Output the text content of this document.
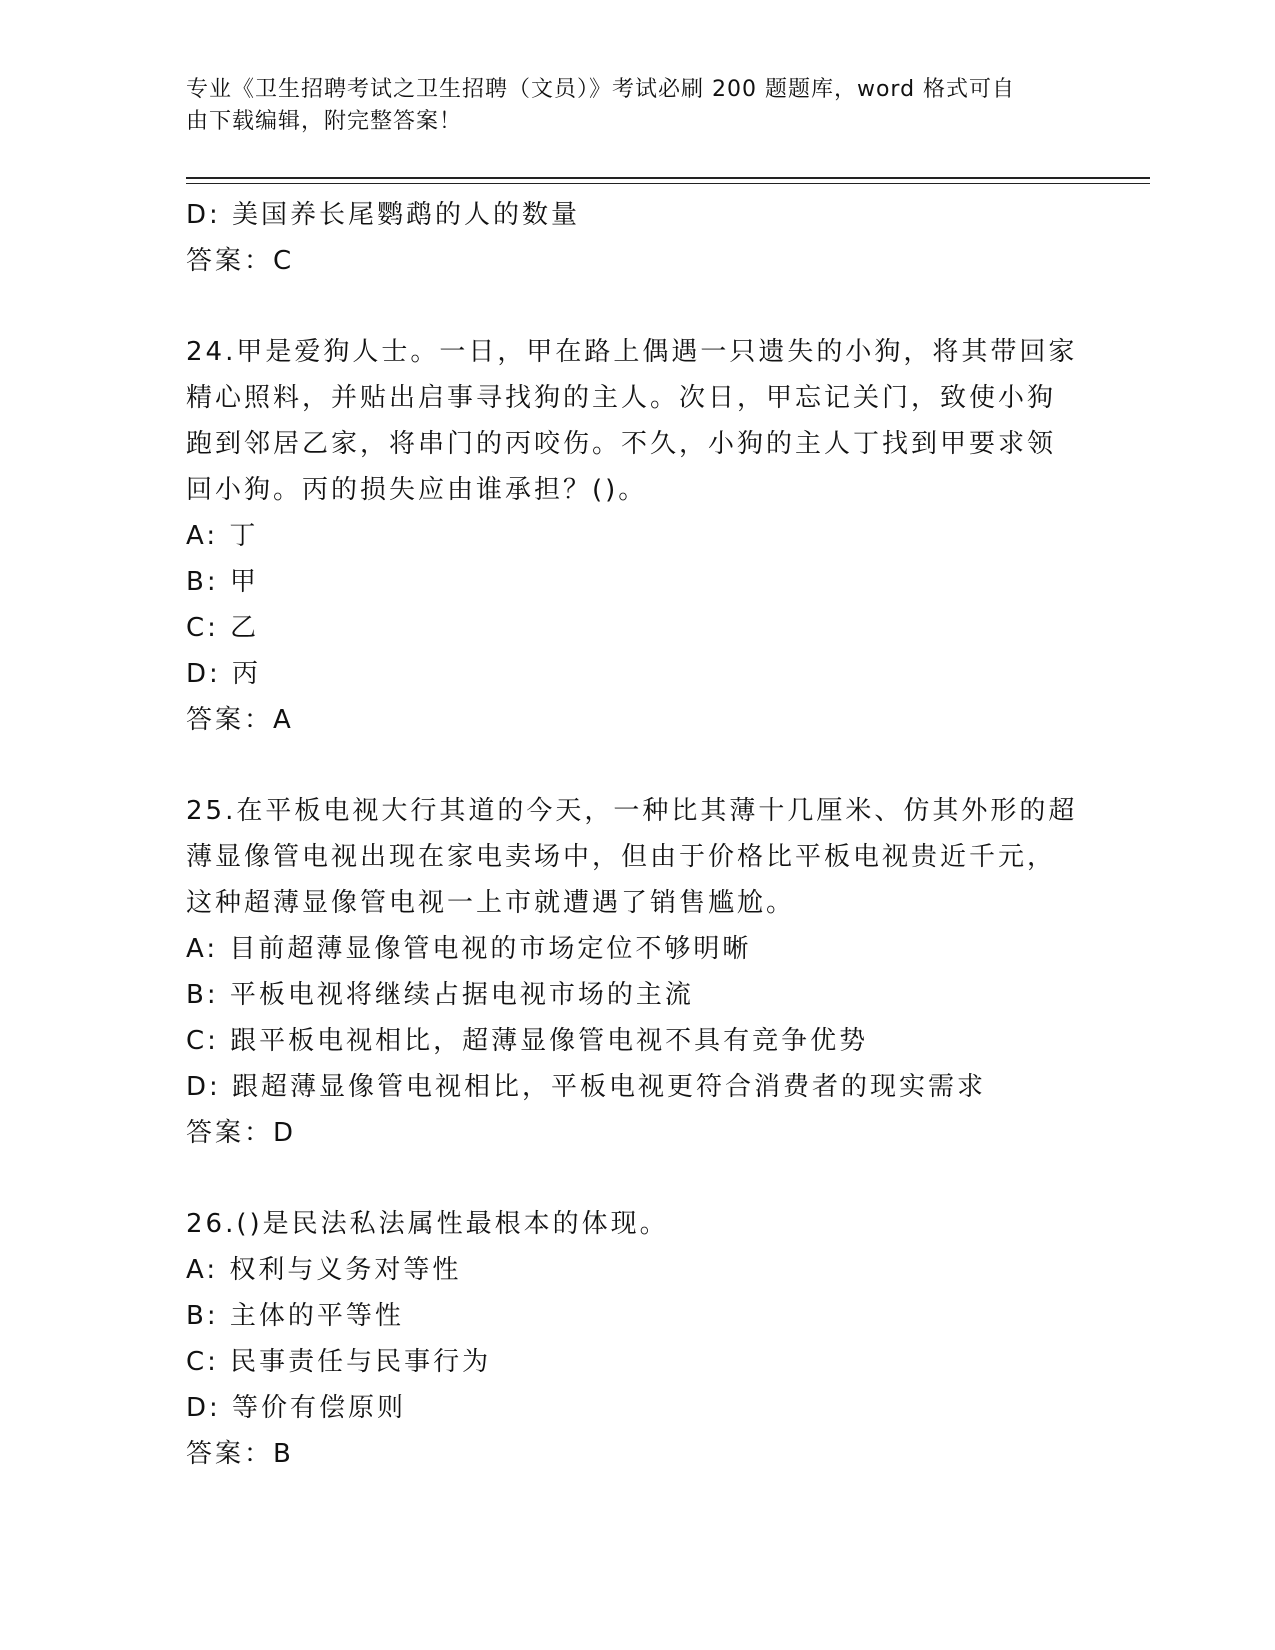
专业《卫生招聘考试之卫生招聘（文员）》考试必刷 200 题题库，word 格式可自
由下载编辑，附完整答案！
D: 美国养长尾鹦鹉的人的数量
答案：C
24.甲是爱狗人士。一日，甲在路上偶遇一只遗失的小狗，将其带回家
精心照料，并贴出启事寻找狗的主人。次日，甲忘记关门，致使小狗
跑到邻居乙家，将串门的丙咬伤。不久，小狗的主人丁找到甲要求领
回小狗。丙的损失应由谁承担？()。
A: 丁
B: 甲
C: 乙
D: 丙
答案：A
25.在平板电视大行其道的今天，一种比其薄十几厘米、仿其外形的超
薄显像管电视出现在家电卖场中，但由于价格比平板电视贵近千元，
这种超薄显像管电视一上市就遭遇了销售尴尬。
A: 目前超薄显像管电视的市场定位不够明晰
B: 平板电视将继续占据电视市场的主流
C: 跟平板电视相比，超薄显像管电视不具有竞争优势
D: 跟超薄显像管电视相比，平板电视更符合消费者的现实需求
答案：D
26.()是民法私法属性最根本的体现。
A: 权利与义务对等性
B: 主体的平等性
C: 民事责任与民事行为
D: 等价有偿原则
答案：B
